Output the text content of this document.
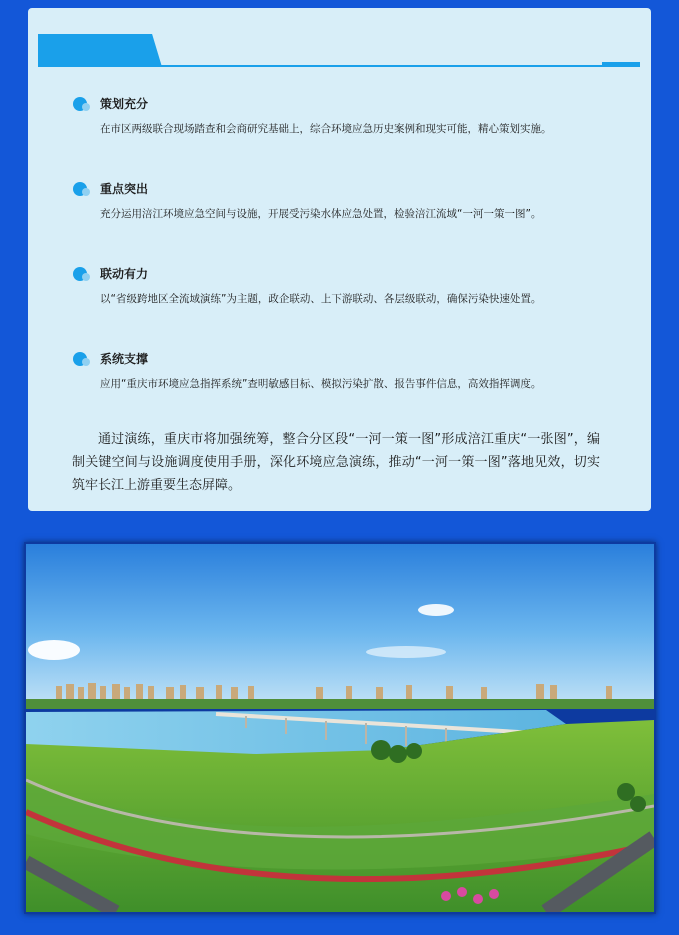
策划充分
在市区两级联合现场踏查和会商研究基础上，综合环境应急历史案例和现实可能，精心策划实施。
重点突出
充分运用涪江环境应急空间与设施，开展受污染水体应急处置，检验涪江流域“一河一策一图”。
联动有力
以“省级跨地区全流域演练”为主题，政企联动、上下游联动、各层级联动，确保污染快速处置。
系统支撑
应用“重庆市环境应急指挥系统”查明敏感目标、模拟污染扩散、报告事件信息，高效指挥调度。

通过演练，重庆市将加强统筹，整合分区段“一河一策一图”形成涪江重庆“一张图”，编制关键空间与设施调度使用手册，深化环境应急演练，推动“一河一策一图”落地见效，切实筑牢长江上游重要生态屏障。
